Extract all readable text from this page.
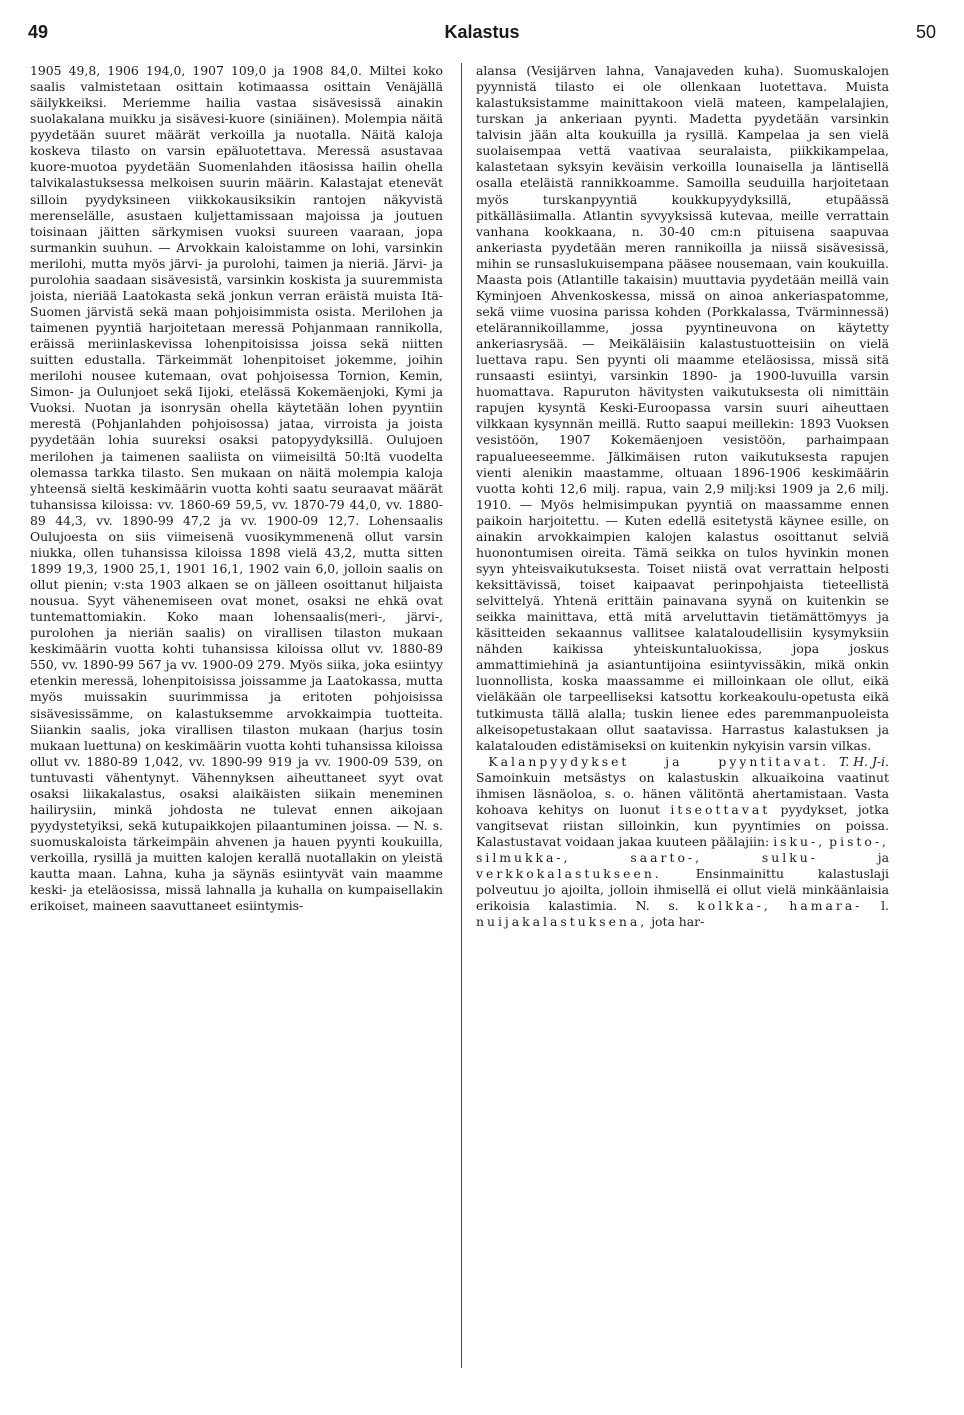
49	Kalastus	50

1905 49,8, 1906 194,0, 1907 109,0 ja 1908 84,0. Miltei koko saalis valmistetaan osittain kotimaassa osittain Venäjällä säilykkeiksi. Meriemme hailia vastaa sisävesissä ainakin suolakalana muikku ja sisävesi-kuore (siniäinen). Molempia näitä pyydetään suuret määrät verkoilla ja nuotalla. Näitä kaloja koskeva tilasto on varsin epäluotettava. Meressä asustavaa kuore-muotoa pyydetään Suomenlahden itäosissa hailin ohella talvikalastuksessa melkoisen suurin määrin. Kalastajat etenevät silloin pyydyksineen viikkokausiksikin rantojen näkyvistä merenselälle, asustaen kuljettamissaan majoissa ja joutuen toisinaan jäitten särkymisen vuoksi suureen vaaraan, jopa surmankin suuhun. — Arvokkain kaloistamme on lohi, varsinkin merilohi, mutta myös järvi- ja purolohi, taimen ja nieriä. Järvi- ja purolohia saadaan sisävesistä, varsinkin koskista ja suuremmista joista, nieriää Laatokasta sekä jonkun verran eräistä muista Itä-Suomen järvistä sekä maan pohjoisimmista osista. Merilohen ja taimenen pyyntiä harjoitetaan meressä Pohjanmaan rannikolla, eräissä meriinlaskevissa lohenpitoisissa joissa sekä niitten suitten edustalla. Tärkeimmät lohenpitoiset jokemme, joihin merilohi nousee kutemaan, ovat pohjoisessa Tornion, Kemin, Simon- ja Oulunjoet sekä Iijoki, etelässä Kokemäenjoki, Kymi ja Vuoksi. Nuotan ja isonrysän ohella käytetään lohen pyyntiin merestä (Pohjanlahden pohjoisossa) jataa, virroista ja joista pyydetään lohia suureksi osaksi patopyydyksillä. Oulujoen merilohen ja taimenen saaliista on viimeisiltä 50:ltä vuodelta olemassa tarkka tilasto. Sen mukaan on näitä molempia kaloja yhteensä sieltä keskimäärin vuotta kohti saatu seuraavat määrät tuhansissa kiloissa: vv. 1860-69 59,5, vv. 1870-79 44,0, vv. 1880-89 44,3, vv. 1890-99 47,2 ja vv. 1900-09 12,7. Lohensaalis Oulujoesta on siis viimeisenä vuosikymmenenä ollut varsin niukka, ollen tuhansissa kiloissa 1898 vielä 43,2, mutta sitten 1899 19,3, 1900 25,1, 1901 16,1, 1902 vain 6,0, jolloin saalis on ollut pienin; v:sta 1903 alkaen se on jälleen osoittanut hiljaista nousua. Syyt vähenemiseen ovat monet, osaksi ne ehkä ovat tuntemattomiakin. Koko maan lohensaalis(meri-, järvi-, purolohen ja nieriän saalis) on virallisen tilaston mukaan keskimäärin vuotta kohti tuhansissa kiloissa ollut vv. 1880-89 550, vv. 1890-99 567 ja vv. 1900-09 279. Myös siika, joka esiintyy etenkin meressä, lohenpitoisissa joissamme ja Laatokassa, mutta myös muissakin suurimmissa ja eritoten pohjoisissa sisävesissämme, on kalastuksemme arvokkaimpia tuotteita. Siiankin saalis, joka virallisen tilaston mukaan (harjus tosin mukaan luettuna) on keskimäärin vuotta kohti tuhansissa kiloissa ollut vv. 1880-89 1,042, vv. 1890-99 919 ja vv. 1900-09 539, on tuntuvasti vähentynyt. Vähennyksen aiheuttaneet syyt ovat osaksi liikakalastus, osaksi alaikäisten siikain meneminen hailirysiin, minkä johdosta ne tulevat ennen aikojaan pyydystetyiksi, sekä kutupaikkojen pilaantuminen joissa. — N. s. suomuskaloista tärkeimpäin ahvenen ja hauen pyynti koukuilla, verkoilla, rysillä ja muitten kalojen kerallä nuotallakin on yleistä kautta maan. Lahna, kuha ja säynäs esiintyvät vain maamme keski- ja eteläosissa, missä lahnalla ja kuhalla on kumpaisellakin erikoiset, maineen saavuttaneet esiintymis-

alansa (Vesijärven lahna, Vanajaveden kuha). Suomuskalojen pyynnistä tilasto ei ole ollenkaan luotettava. Muista kalastuksistamme mainittakoon vielä mateen, kampelalajien, turskan ja ankeriaan pyynti. Madetta pyydetään varsinkin talvisin jään alta koukuilla ja rysillä. Kampelaa ja sen vielä suolaisempaa vettä vaativaa seuralaista, piikkikampelaa, kalastetaan syksyin keväisin verkoilla lounaisella ja läntisellä osalla eteläistä rannikkoamme. Samoilla seuduilla harjoitetaan myös turskanpyyntiä koukkupyydyksillä, etupäässä pitkälläsiimalla. Atlantin syvyyksissä kutevaa, meille verrattain vanhana kookkaana, n. 30-40 cm:n pituisena saapuvaa ankeriasta pyydetään meren rannikoilla ja niissä sisävesissä, mihin se runsaslukuisempana pääsee nousemaan, vain koukuilla. Maasta pois (Atlantille takaisin) muuttavia pyydetään meillä vain Kyminjoen Ahvenkoskessa, missä on ainoa ankeriaspatomme, sekä viime vuosina parissa kohden (Porkkalassa, Tvärminnessä) etelärannikoillamme, jossa pyyntineuvona on käytetty ankeriasrysää. — Meikäläisiin kalastustuotteisiin on vielä luettava rapu. Sen pyynti oli maamme eteläosissa, missä sitä runsaasti esiintyi, varsinkin 1890- ja 1900-luvuilla varsin huomattava. Rapuruton hävitysten vaikutuksesta oli nimittäin rapujen kysyntä Keski-Euroopassa varsin suuri aiheuttaen vilkkaan kysynnän meillä. Rutto saapui meillekin: 1893 Vuoksen vesistöön, 1907 Kokemäenjoen vesistöön, parhaimpaan rapualueeseemme. Jälkimäisen ruton vaikutuksesta rapujen vienti alenikin maastamme, oltuaan 1896-1906 keskimäärin vuotta kohti 12,6 milj. rapua, vain 2,9 milj:ksi 1909 ja 2,6 milj. 1910. — Myös helmisimpukan pyyntiä on maassamme ennen paikoin harjoitettu. — Kuten edellä esitetystä käynee esille, on ainakin arvokkaimpien kalojen kalastus osoittanut selviä huonontumisen oireita. Tämä seikka on tulos hyvinkin monen syyn yhteisvaikutuksesta. Toiset niistä ovat verrattain helposti keksittävissä, toiset kaipaavat perinpohjaista tieteellistä selvittelyä. Yhtenä erittäin painavana syynä on kuitenkin se seikka mainittava, että mitä arveluttavin tietämättömyys ja käsitteiden sekaannus vallitsee kalataloudellisiin kysymyksiin nähden kaikissa yhteiskuntaluokissa, jopa joskus ammattimiehinä ja asiantuntijoina esiintyvissäkin, mikä onkin luonnollista, koska maassamme ei milloinkaan ole ollut, eikä vieläkään ole tarpeelliseksi katsottu korkeakoulu-opetusta eikä tutkimusta tällä alalla; tuskin lienee edes paremmanpuoleista alkeisopetustakaan ollut saatavissa. Harrastus kalastuksen ja kalatalouden edistämiseksi on kuitenkin nykyisin varsin vilkas.
T. H. J-i.

 Kalanpyydykset ja pyyntitavat. Samoinkuin metsästys on kalastuskin alkuaikoina vaatinut ihmisen läsnäoloa, s. o. hänen välitöntä ahertamistaan. Vasta kohoava kehitys on luonut itseottavat pyydykset, jotka vangitsevat riistan silloinkin, kun pyyntimies on poissa. Kalastustavat voidaan jakaa kuuteen päälajiin: isku-, pisto-, silmukka-,	saarto-,	sulku-	ja verkkokalastukseen.	Ensinmainittu kalastuslaji polveutuu jo ajoilta, jolloin ihmisellä ei ollut vielä minkäänlaisia erikoisia kalastimia. N. s. kolkka-, hamara- l. nuijakalastuksena, jota har-
